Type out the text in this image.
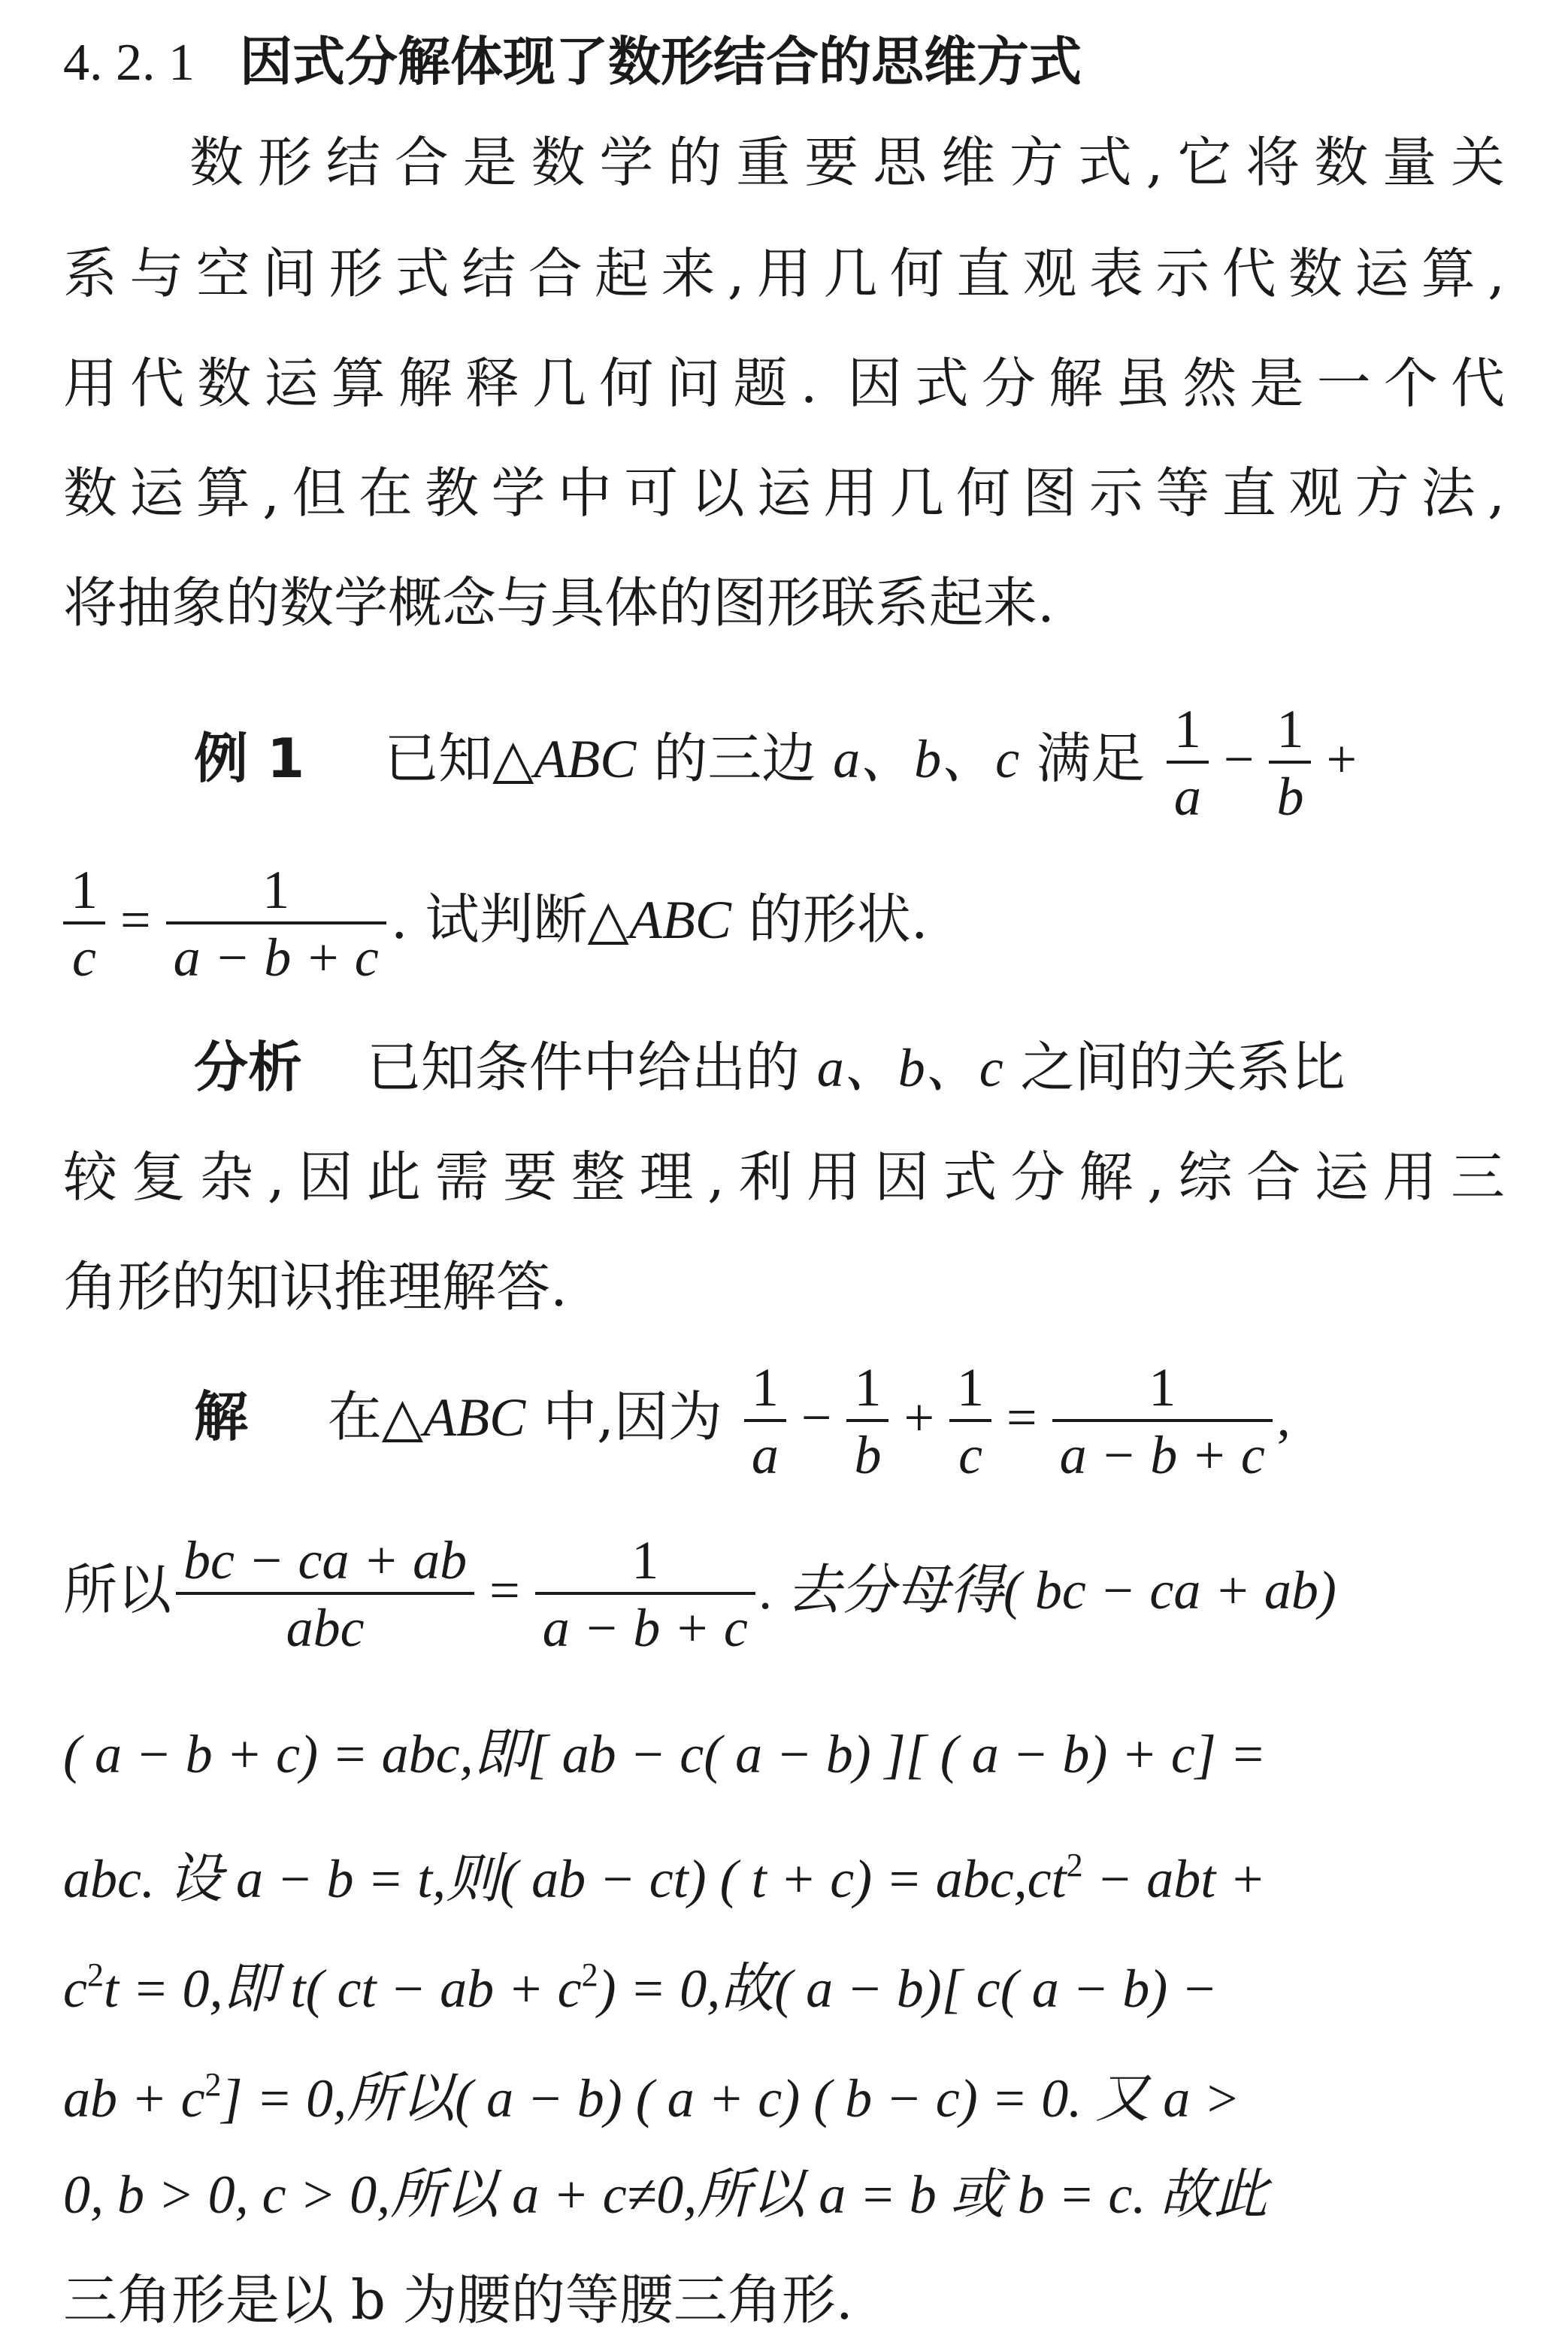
4. 2. 1 因式分解体现了数形结合的思维方式
数形结合是数学的重要思维方式,它将数量关
系与空间形式结合起来,用几何直观表示代数运算,
用代数运算解释几何问题. 因式分解虽然是一个代
数运算,但在教学中可以运用几何图示等直观方法,
将抽象的数学概念与具体的图形联系起来.
例 1 已知△ABC 的三边 a、b、c 满足 $\frac{1}{a} - \frac{1}{b}$ +
$\frac{1}{c} = \frac{1}{a - b + c}$ . 试判断△ABC 的形状.
分析 已知条件中给出的 a、b、c 之间的关系比
较复杂,因此需要整理,利用因式分解,综合运用三
角形的知识推理解答.
解 在△ABC 中,因为 $\frac{1}{a} - \frac{1}{b} + \frac{1}{c} = \frac{1}{a - b + c}$ ,
所以 $\frac{bc - ca + ab}{\text{abc}} = \frac{1}{a - b + c}$ . 去分母得( bc − ca + ab)
( a − b + c) = abc,即[ ab − c( a − b) ][ ( a − b) + c] =
abc. 设 a − b = t,则( ab − ct) ( $t + c) = abc,ct^2$ − abt +
$c^2t = 0$,即 t( ct − ab + $c^2) = 0$,故( a − b)[ c( a − b) −
ab + $c^2] = 0$,所以( a − b) ( a + c) ( b − c) = 0. 又 a >
0, b > 0, c > 0,所以 a + c≠0,所以 a = b 或 b = c. 故此
三角形是以 b 为腰的等腰三角形.
